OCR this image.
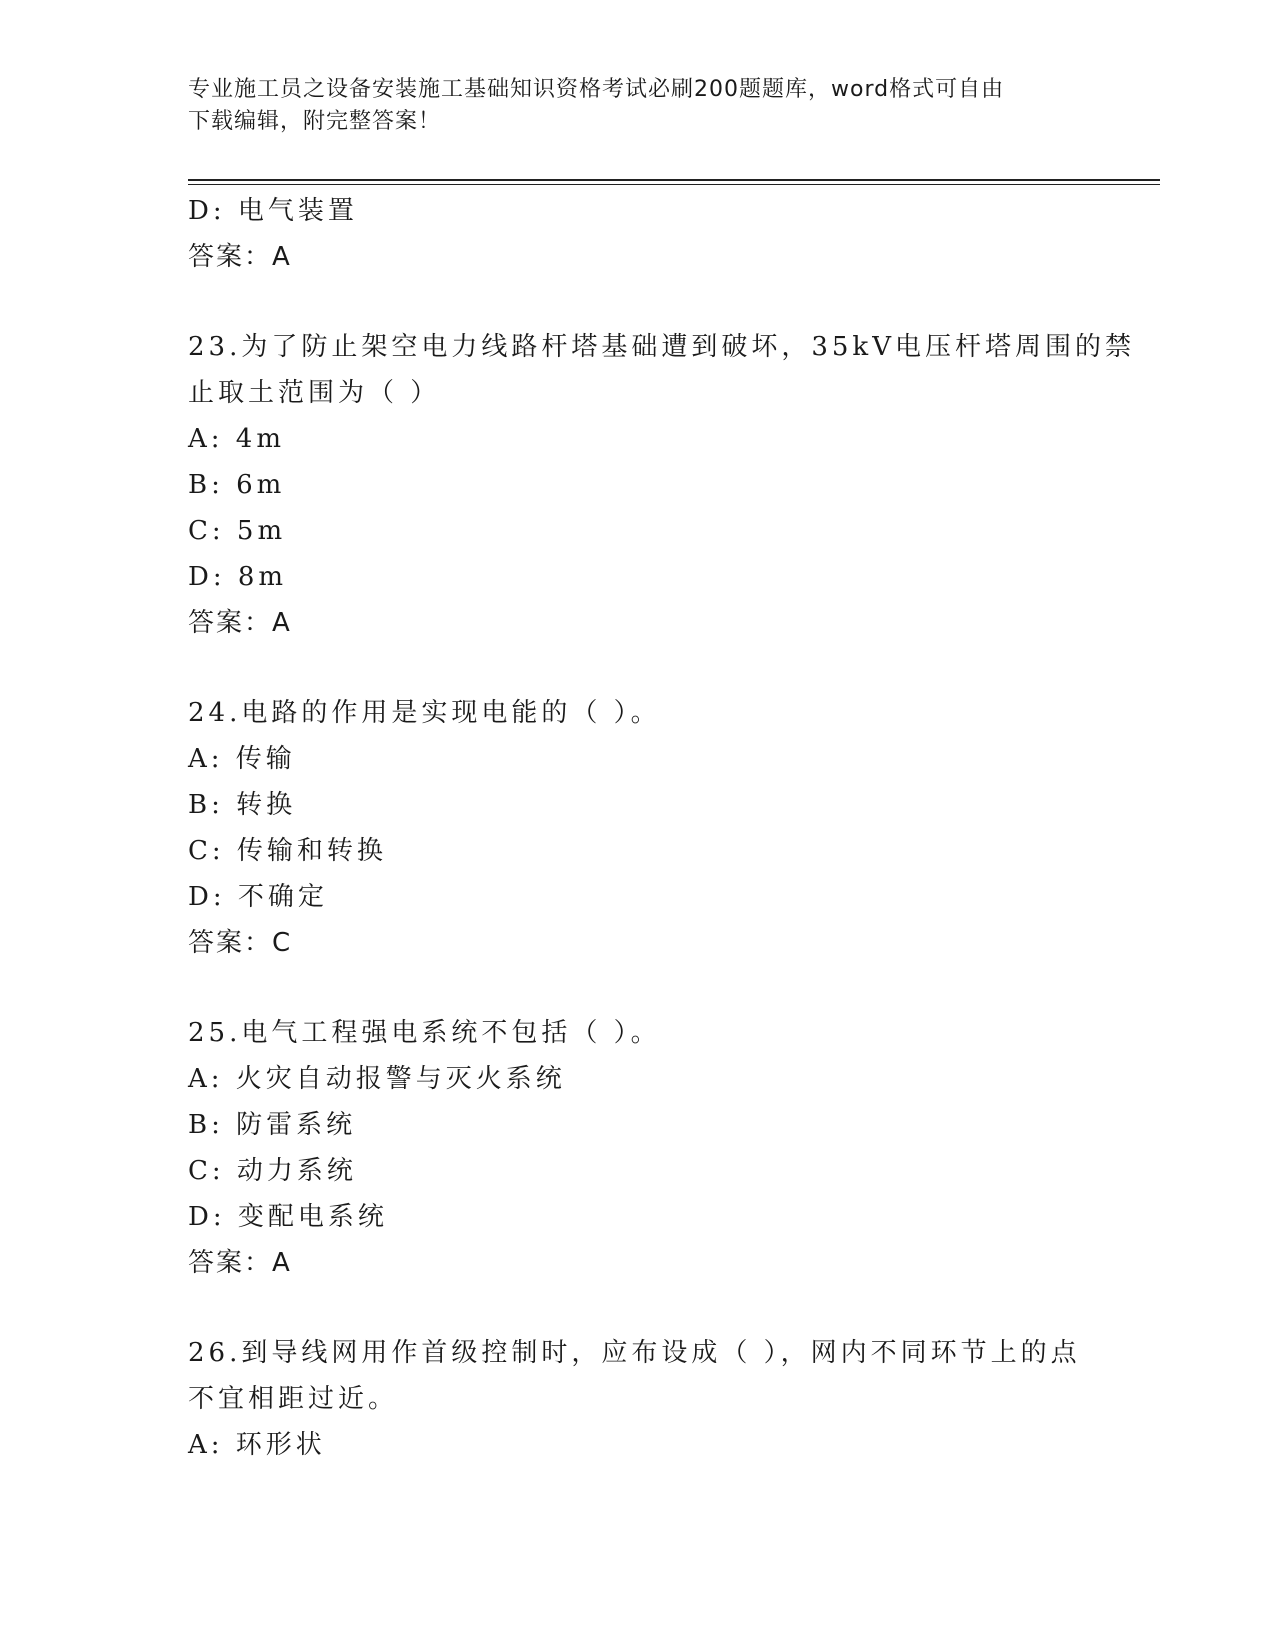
专业施工员之设备安装施工基础知识资格考试必刷200题题库，word格式可自由
下载编辑，附完整答案！
D: 电气装置
答案：A
23.为了防止架空电力线路杆塔基础遭到破坏，35kV电压杆塔周围的禁
止取土范围为（ ）
A: 4m
B: 6m
C: 5m
D: 8m
答案：A
24.电路的作用是实现电能的（ ）。
A: 传输
B: 转换
C: 传输和转换
D: 不确定
答案：C
25.电气工程强电系统不包括（ ）。
A: 火灾自动报警与灭火系统
B: 防雷系统
C: 动力系统
D: 变配电系统
答案：A
26.到导线网用作首级控制时，应布设成（ ），网内不同环节上的点
不宜相距过近。
A: 环形状
